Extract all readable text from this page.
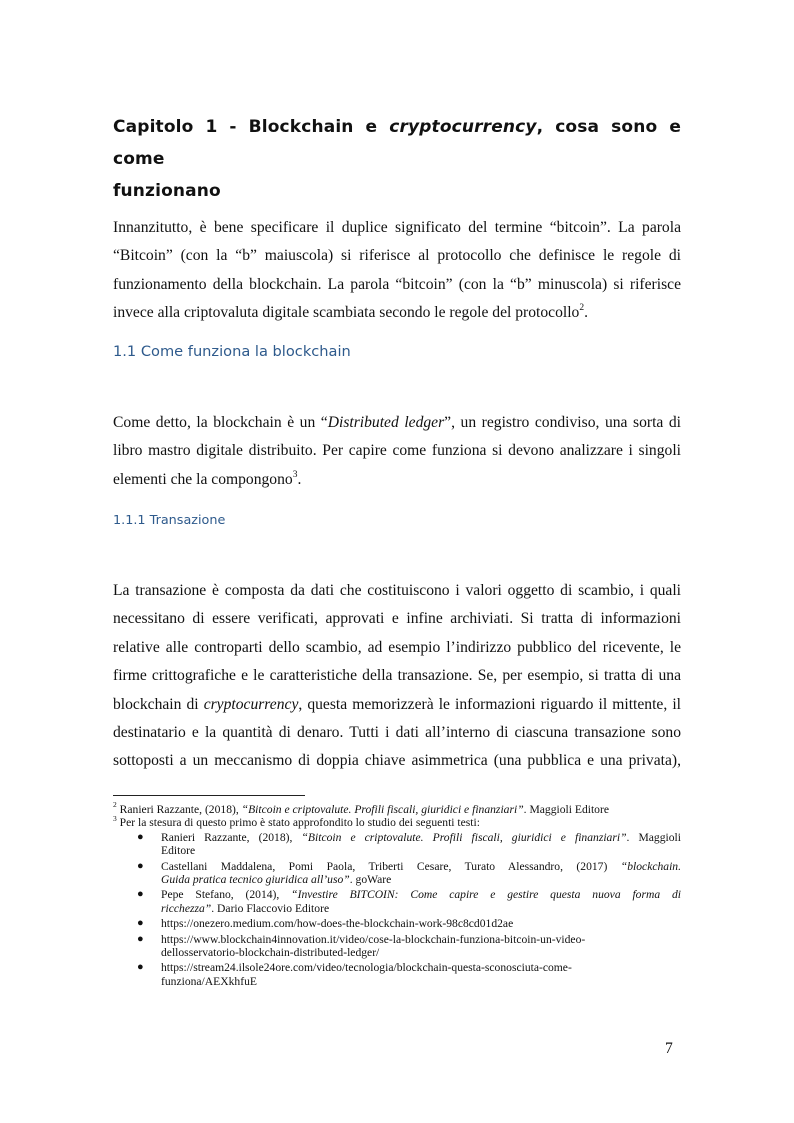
Capitolo 1 - Blockchain e cryptocurrency, cosa sono e come
funzionano
Innanzitutto, è bene specificare il duplice significato del termine “bitcoin”. La parola
“Bitcoin” (con la “b” maiuscola) si riferisce al protocollo che definisce le regole di
funzionamento della blockchain. La parola “bitcoin” (con la “b” minuscola) si riferisce
invece alla criptovaluta digitale scambiata secondo le regole del protocollo$^2$.
1.1 Come funziona la blockchain
Come detto, la blockchain è un “Distributed ledger”, un registro condiviso, una sorta di
libro mastro digitale distribuito. Per capire come funziona si devono analizzare i singoli
elementi che la compongono$^3$.
1.1.1 Transazione
La transazione è composta da dati che costituiscono i valori oggetto di scambio, i quali
necessitano di essere verificati, approvati e infine archiviati. Si tratta di informazioni
relative alle controparti dello scambio, ad esempio l’indirizzo pubblico del ricevente, le
firme crittografiche e le caratteristiche della transazione. Se, per esempio, si tratta di una
blockchain di cryptocurrency, questa memorizzerà le informazioni riguardo il mittente, il
destinatario e la quantità di denaro. Tutti i dati all’interno di ciascuna transazione sono
sottoposti a un meccanismo di doppia chiave asimmetrica (una pubblica e una privata),
$^2$ Ranieri Razzante, (2018), “Bitcoin e criptovalute. Profili fiscali, giuridici e finanziari”. Maggioli Editore
$^3$ Per la stesura di questo primo è stato approfondito lo studio dei seguenti testi:
● Ranieri Razzante, (2018), “Bitcoin e criptovalute. Profili fiscali, giuridici e finanziari”. Maggioli
Editore
● Castellani Maddalena, Pomi Paola, Triberti Cesare, Turato Alessandro, (2017) “blockchain.
Guida pratica tecnico giuridica all’uso”. goWare
● Pepe Stefano, (2014), “Investire BITCOIN: Come capire e gestire questa nuova forma di
ricchezza”. Dario Flaccovio Editore
● https://onezero.medium.com/how-does-the-blockchain-work-98c8cd01d2ae
● https://www.blockchain4innovation.it/video/cose-la-blockchain-funziona-bitcoin-un-video-
dellosservatorio-blockchain-distributed-ledger/
● https://stream24.ilsole24ore.com/video/tecnologia/blockchain-questa-sconosciuta-come-
funziona/AEXkhfuE
7
